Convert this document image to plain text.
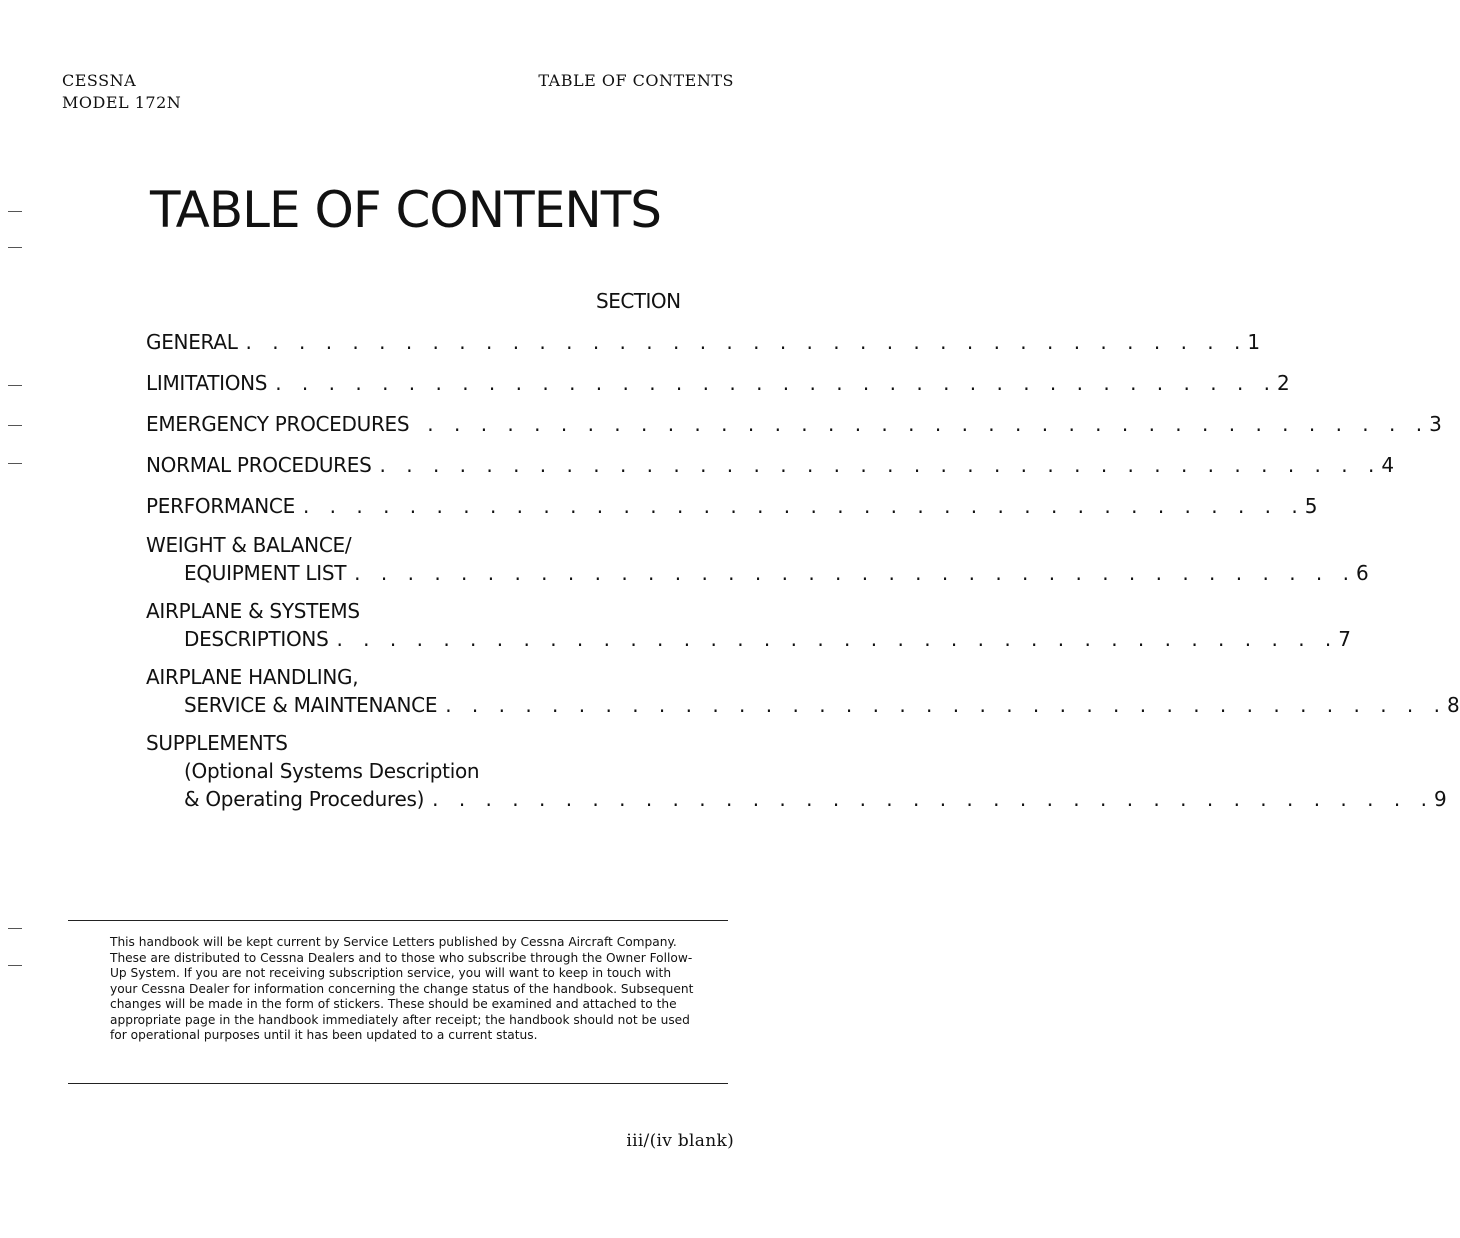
CESSNA
MODEL 172N
TABLE OF CONTENTS
TABLE OF CONTENTS
SECTION
GENERAL . . . . . . . . . . . . . . . . . . . . . . . . . . . . . . . . . . . . . . 1
LIMITATIONS . . . . . . . . . . . . . . . . . . . . . . . . . . . . . . . . . . . . . . 2
EMERGENCY PROCEDURES . . . . . . . . . . . . . . . . . . . . . . . . . . . . . . . . . . . . . . 3
NORMAL PROCEDURES . . . . . . . . . . . . . . . . . . . . . . . . . . . . . . . . . . . . . . 4
PERFORMANCE . . . . . . . . . . . . . . . . . . . . . . . . . . . . . . . . . . . . . . 5
WEIGHT & BALANCE/
EQUIPMENT LIST . . . . . . . . . . . . . . . . . . . . . . . . . . . . . . . . . . . . . . 6
AIRPLANE & SYSTEMS
DESCRIPTIONS . . . . . . . . . . . . . . . . . . . . . . . . . . . . . . . . . . . . . . 7
AIRPLANE HANDLING,
SERVICE & MAINTENANCE . . . . . . . . . . . . . . . . . . . . . . . . . . . . . . . . . . . . . . 8
SUPPLEMENTS
(Optional Systems Description
& Operating Procedures) . . . . . . . . . . . . . . . . . . . . . . . . . . . . . . . . . . . . . . 9

This handbook will be kept current by Service Letters published by Cessna Aircraft Company. These are distributed to Cessna Dealers and to those who subscribe through the Owner Follow-Up System. If you are not receiving subscription service, you will want to keep in touch with your Cessna Dealer for information concerning the change status of the handbook. Subsequent changes will be made in the form of stickers. These should be examined and attached to the appropriate page in the handbook immediately after receipt; the handbook should not be used for operational purposes until it has been updated to a current status.

iii/(iv blank)
